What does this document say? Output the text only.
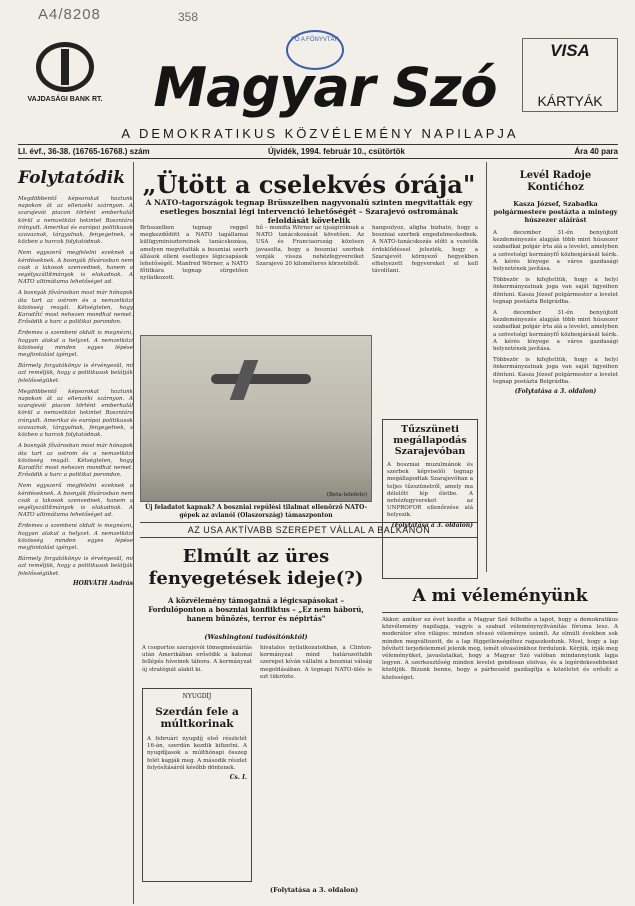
A4/8208	358
VAJDASÁGI BANK RT.
FŐ A FŐNYVTÁR
Magyar Szó
VISA
KÁRTYÁK
A DEMOKRATIKUS KÖZVÉLEMÉNY NAPILAPJA
LI. évf., 36-38. (16765-16768.) szám	Újvidék, 1994. február 10., csütörtök	Ára 40 para
Folytatódik

Megdöbbentő képsorokat hoztunk napokon át az ellenzéki szárnyon. A szarajevói piacon történt emberhalál körül a nemzetközi tekintet Boszniára irányult. Amerikai és európai politikusok szavaznak, tárgyalnak, fenyegetnek, s közben a harcok folytatódnak.

Nem egyszerű megfelelni ezeknek a kérdéseknek. A bosnyák fővárosban nem csak a lakosok szenvednek, hanem a segélyszállítmányok is elakadnak. A NATO ultimátuma lehetőséget ad.

A bosnyák fővárosban most már hónapok óta tart az ostrom és a nemzetközi közösség reagál. Kétségtelen, hogy Karadžić most nehezen mondhat nemet. Erősödik a harc a politikai porondon.

Érdemes a szembeni oldalt is megnézni, hogyan alakul a helyzet. A nemzetközi közösség minden egyes lépése megfontolást igényel.

Bármely forgatókönyv is érvényesül, mi azt reméljük, hogy a politikusok belátják felelősségüket.

Megdöbbentő képsorokat hoztunk napokon át az ellenzéki szárnyon. A szarajevói piacon történt emberhalál körül a nemzetközi tekintet Boszniára irányult. Amerikai és európai politikusok szavaznak, tárgyalnak, fenyegetnek, s közben a harcok folytatódnak.

A bosnyák fővárosban most már hónapok óta tart az ostrom és a nemzetközi közösség reagál. Kétségtelen, hogy Karadžić most nehezen mondhat nemet. Erősödik a harc a politikai porondon.

Nem egyszerű megfelelni ezeknek a kérdéseknek. A bosnyák fővárosban nem csak a lakosok szenvednek, hanem a segélyszállítmányok is elakadnak. A NATO ultimátuma lehetőséget ad.

Érdemes a szembeni oldalt is megnézni, hogyan alakul a helyzet. A nemzetközi közösség minden egyes lépése megfontolást igényel.

Bármely forgatókönyv is érvényesül, mi azt reméljük, hogy a politikusok belátják felelősségüket.

HORVÁTH András
„Ütött a cselekvés órája"
A NATO-tagországok tegnap Brüsszelben nagyvonalú szinten megvitatták egy esetleges boszniai légi intervenció lehetőségét – Szarajevó ostromának feloldását követelik
Brüsszelben tegnap reggel megkezdődött a NATO tagállamai külügyminisztereinek tanácskozása, amelyen megvitatták a boszniai szerb állások elleni esetleges légicsapások lehetőségét. Manfred Wörner, a NATO főtitkára tegnap sürgetően nyilatkozott.
hű – mondta Wörner az újságíróknak a NATO tanácskozását követően. Az USA és Franciaország közösen javasolta, hogy a boszniai szerbek vonják vissza nehézfegyvereiket Szarajevó 20 kilométeres körzetéből.
hangsúlyoz, aligha bízható, hogy a boszniai szerbek engedelmeskednek. A NATO-tanácskozás előtt a vezetők érdeklődéssel jelezték, hogy a Szarajevót környező hegyekben elhelyezett fegyvereket el kell távolítani.
(Beta-telefoto)
Új feladatot kapnak? A boszniai repülési tilalmat ellenőrző NATO-gépek az avianói (Olaszország) támaszponton
AZ USA AKTÍVABB SZEREPET VÁLLAL A BALKÁNON
Elmúlt az üres fenyegetések ideje(?)
A közvélemény támogatná a légicsapásokat – Fordulóponton a boszniai konfliktus – „Ez nem háború, hanem bűnözés, terror és népirtás"
(Washingtoni tudósítónktól)
A csoportos szerajevói tömegmészárlás után Amerikában erősödik a katonai fellépés híveinek tábora. A kormányzat új stratégiát alakít ki.
hivatalos nyilatkozatokban, a Clinton-kormányzat mind határozottabb szerepet kíván vállalni a boszniai válság megoldásában. A tegnapi NATO-ülés is ezt tükrözte.
(Folytatása a 3. oldalon)
NYUGDÍJ
Szerdán fele a múltkorinak

A februári nyugdíj első részletét 16-án, szerdán kezdik kifizetni. A nyugdíjasok a múlthónapi összeg felét kapják meg. A második részlet folyósításáról később döntenek.

Cs. I.
Tűzszüneti megállapodás Szarajevóban

A boszniai muzulmánok és szerbek képviselői tegnap megállapodtak Szarajevóban a teljes tűzszünetről, amely ma délelőtt lép életbe. A nehézfegyvereket az UNPROFOR ellenőrzése alá helyezik.

(Folytatása a 3. oldalon)
Levél Radoje Kontićhoz
Kasza József, Szabadka polgármestere postázta a mintegy húszezer aláírást

A december 31-én benyújtott kezdeményezés alapján több mint húszezer szabadkai polgár írta alá a levelet, amelyben a szövetségi kormányfő közbenjárását kérik. A kérés lényege a város gazdasági helyzetének javítása.

Többször is kifejtettük, hogy a helyi önkormányzatnak joga van saját ügyeiben dönteni. Kasza József polgármester a levelet tegnap postázta Belgrádba.

A december 31-én benyújtott kezdeményezés alapján több mint húszezer szabadkai polgár írta alá a levelet, amelyben a szövetségi kormányfő közbenjárását kérik. A kérés lényege a város gazdasági helyzetének javítása.

Többször is kifejtettük, hogy a helyi önkormányzatnak joga van saját ügyeiben dönteni. Kasza József polgármester a levelet tegnap postázta Belgrádba.

(Folytatása a 3. oldalon)
A mi véleményünk
Akkor, amikor ez évet kezdte a Magyar Szó felfedte a lapot, hogy a demokratikus közvélemény napilapja, vagyis a szabad véleménynyilvánítás fóruma lesz. A moderátor elve világos: minden olvasó véleménye számít. Az elmúlt években sok minden megváltozott, de a lap függetlenségéhez ragaszkodunk. Most, hogy a lap bővített terjedelemmel jelenik meg, ismét olvasóinkhoz fordulunk. Kérjük, írják meg véleményüket, javaslataikat, hogy a Magyar Szó valóban mindannyiunk lapja legyen. A szerkesztőség minden levelet gondosan elolvas, és a legérdekesebbeket közöljük. Bízunk benne, hogy a párbeszéd gazdagítja a közéletet és erősíti a közösséget.
